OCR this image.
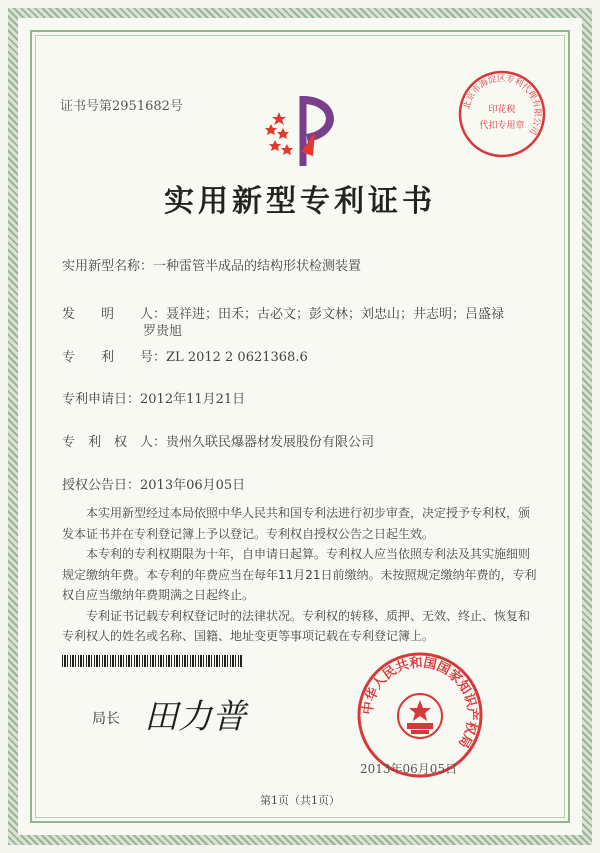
证书号第2951682号	北京市海淀区专利代理有限公司
印花税
代扣专用章
实用新型专利证书
实用新型名称：一种雷管半成品的结构形状检测装置
发　　明　　人：聂祥进；田禾；古必文；彭文林；刘忠山；井志明；吕盛禄
罗贵旭
专　　利　　号：ZL 2012 2 0621368.6
专利申请日：2012年11月21日
专　利　权　人：贵州久联民爆器材发展股份有限公司
授权公告日：2013年06月05日

本实用新型经过本局依照中华人民共和国专利法进行初步审查，决定授予专利权，颁发本证书并在专利登记簿上予以登记。专利权自授权公告之日起生效。

本专利的专利权期限为十年，自申请日起算。专利权人应当依照专利法及其实施细则规定缴纳年费。本专利的年费应当在每年11月21日前缴纳。未按照规定缴纳年费的，专利权自应当缴纳年费期满之日起终止。

专利证书记载专利权登记时的法律状况。专利权的转移、质押、无效、终止、恢复和专利权人的姓名或名称、国籍、地址变更等事项记载在专利登记簿上。

局长 田力普	中华人民共和国国家知识产权局
2013年06月05日
第1页（共1页）
